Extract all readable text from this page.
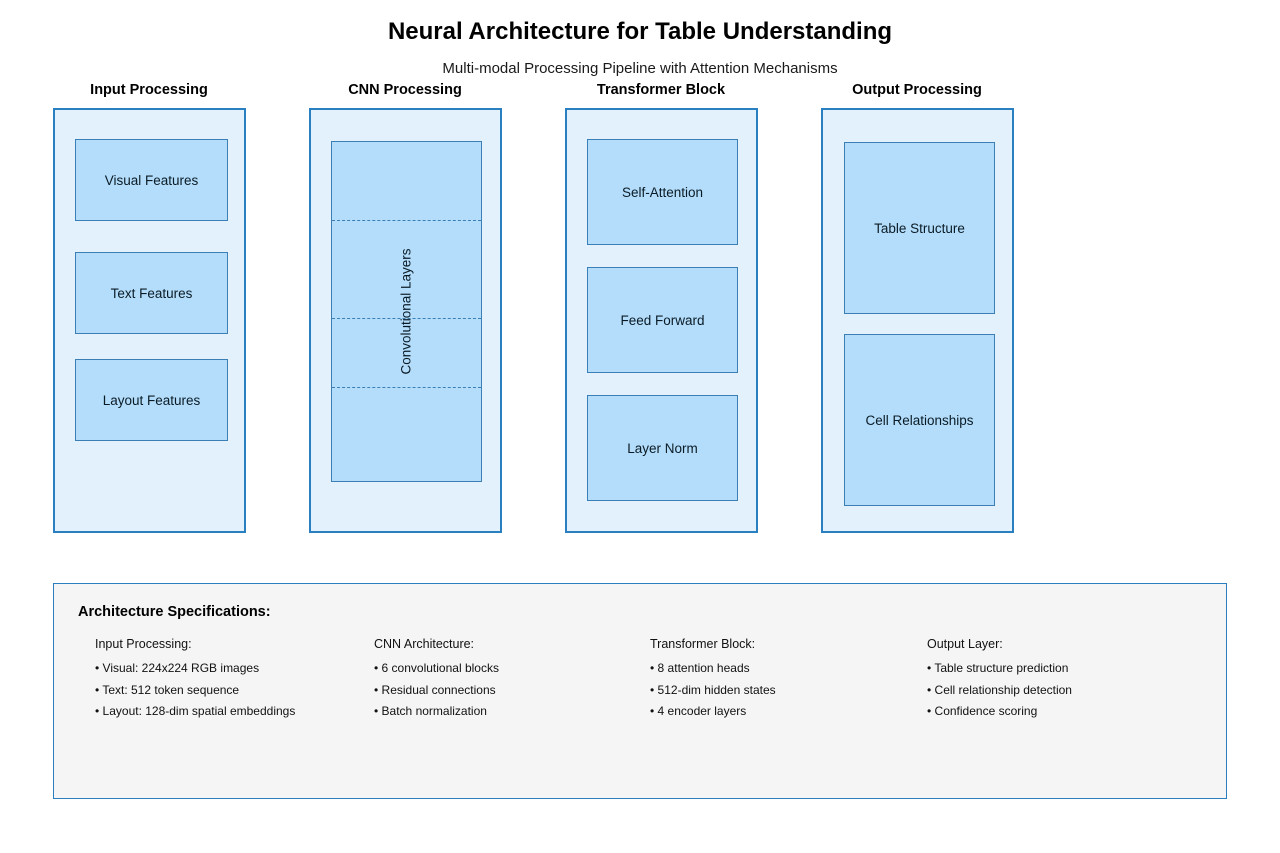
Neural Architecture for Table Understanding
Multi-modal Processing Pipeline with Attention Mechanisms
Input Processing	CNN Processing	Transformer Block	Output Processing
Visual Features
Text Features
Layout Features
Convolutional Layers
Self-Attention
Feed Forward
Layer Norm
Table Structure
Cell Relationships
Architecture Specifications:
Input Processing:
• Visual: 224x224 RGB images
• Text: 512 token sequence
• Layout: 128-dim spatial embeddings
CNN Architecture:
• 6 convolutional blocks
• Residual connections
• Batch normalization
Transformer Block:
• 8 attention heads
• 512-dim hidden states
• 4 encoder layers
Output Layer:
• Table structure prediction
• Cell relationship detection
• Confidence scoring
